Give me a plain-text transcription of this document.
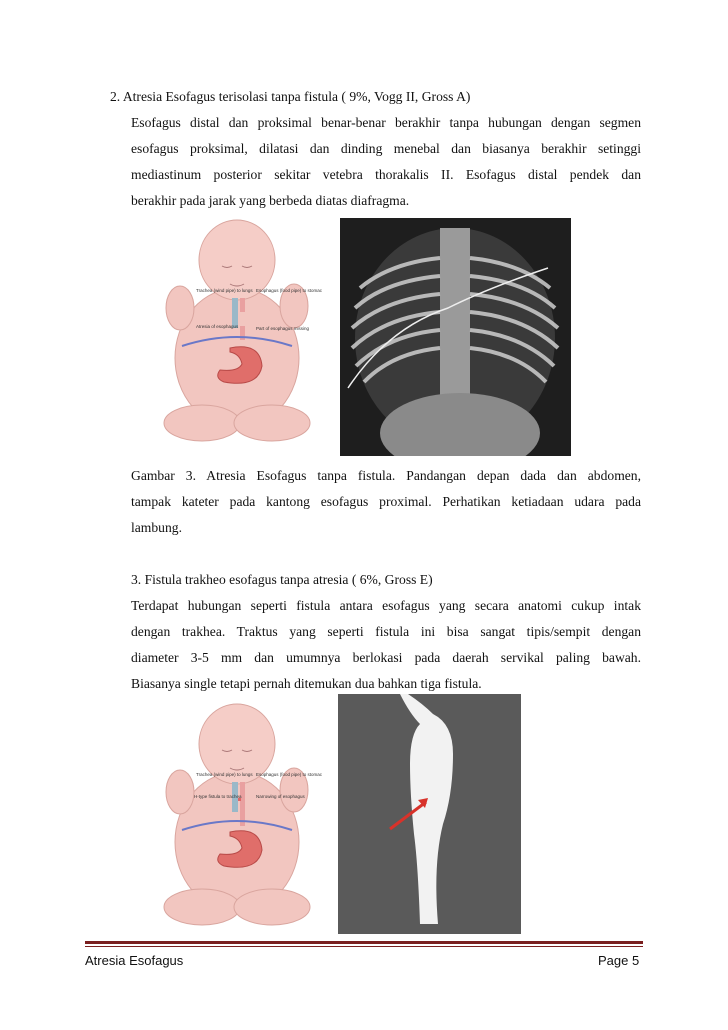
2. Atresia Esofagus terisolasi tanpa fistula ( 9%, Vogg II, Gross A)
Esofagus distal dan proksimal benar-benar berakhir tanpa hubungan dengan segmen
esofagus proksimal, dilatasi dan dinding menebal dan biasanya berakhir setinggi
mediastinum posterior sekitar vetebra thorakalis II. Esofagus distal pendek dan
berakhir pada jarak yang berbeda diatas diafragma.
Trachea (wind pipe) to lungs Esophagus (food pipe) to stomach
Atresia of esophagus	Part of esophagus missing
Gambar 3. Atresia Esofagus tanpa fistula. Pandangan depan dada dan abdomen,
tampak kateter pada kantong esofagus proximal. Perhatikan ketiadaan udara pada
lambung.
3. Fistula trakheo esofagus tanpa atresia ( 6%, Gross E)
Terdapat hubungan seperti fistula antara esofagus yang secara anatomi cukup intak
dengan trakhea. Traktus yang seperti fistula ini bisa sangat tipis/sempit dengan
diameter 3-5 mm dan umumnya berlokasi pada daerah servikal paling bawah.
Biasanya single tetapi pernah ditemukan dua bahkan tiga fistula.
Trachea (wind pipe) to lungs Esophagus (food pipe) to stomach
H-type fistula to trachea	Narrowing of esophagus
Atresia Esofagus	Page 5
